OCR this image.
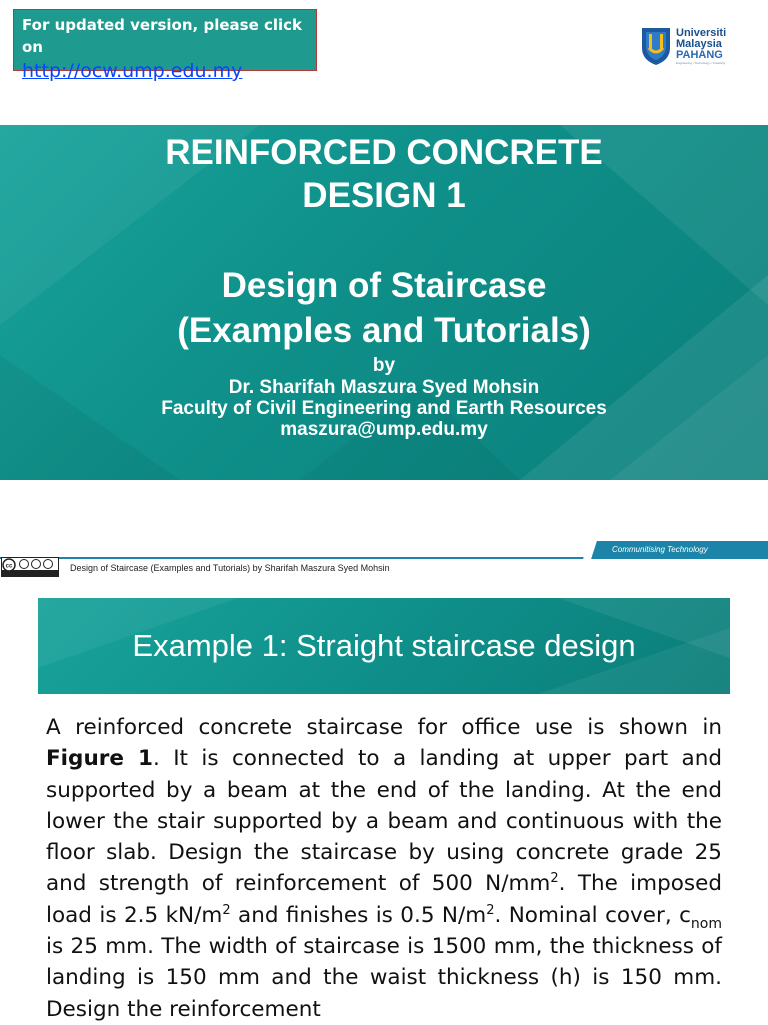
For updated version, please click on
http://ocw.ump.edu.my
Universiti
Malaysia
PAHANG
Engineering • Technology • Creativity
REINFORCED CONCRETE
DESIGN 1
Design of Staircase
(Examples and Tutorials)
by
Dr. Sharifah Maszura Syed Mohsin
Faculty of Civil Engineering and Earth Resources
maszura@ump.edu.my
Communitising Technology
cc	Design of Staircase (Examples and Tutorials) by Sharifah Maszura Syed Mohsin
Example 1: Straight staircase design

A reinforced concrete staircase for office use is shown in Figure 1. It is connected to a landing at upper part and supported by a beam at the end of the landing. At the end lower the stair supported by a beam and continuous with the floor slab. Design the staircase by using concrete grade 25 and strength of reinforcement of 500 $N/mm^2$. The imposed load is 2.5 $kN/m^2$ and finishes is 0.5 $N/m^2$. Nominal cover, $c_{nom}$ is 25 mm. The width of staircase is 1500 mm, the thickness of landing is 150 mm and the waist thickness (h) is 150 mm. Design the reinforcement
